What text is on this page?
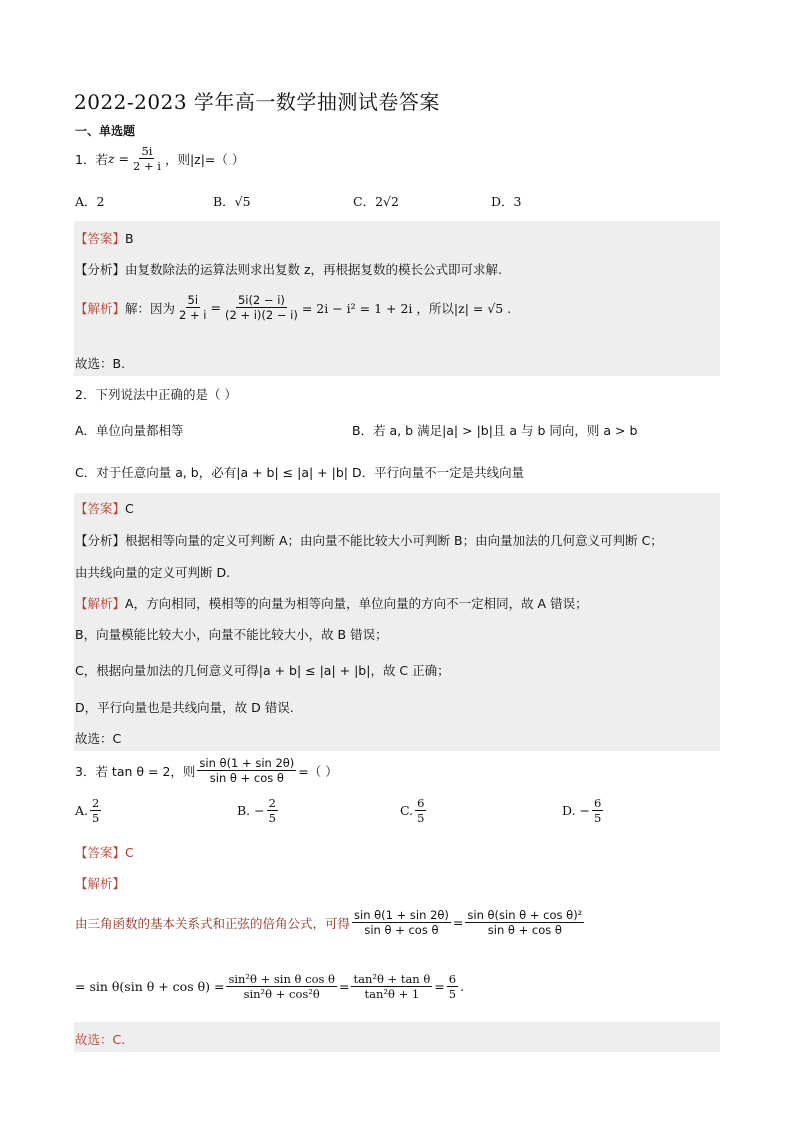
2022-2023 学年高一数学抽测试卷答案
一、单选题
1．若 $z = \frac{5i}{2 + i}$ ，则|z|=（ ）
A．2	B．√5	C．2√2	D．3
【答案】B
【分析】由复数除法的运算法则求出复数 z，再根据复数的模长公式即可求解.
【解析】 解：因为 $\frac{5i}{2 + i} = \frac{5i(2 - i)}{(2 + i)(2 - i)} = 2i - i^2 = 1 + 2i$ ，所以|z| = √5 .
故选：B.
2．下列说法中正确的是（ ）
A．单位向量都相等	B．若 a, b 满足|a| > |b|且 a 与 b 同向，则 a > b
C．对于任意向量 a, b，必有|a + b| ≤ |a| + |b| D．平行向量不一定是共线向量
【答案】C
【分析】根据相等向量的定义可判断 A；由向量不能比较大小可判断 B；由向量加法的几何意义可判断 C；
由共线向量的定义可判断 D.
【解析】A，方向相同，模相等的向量为相等向量，单位向量的方向不一定相同，故 A 错误；
B，向量模能比较大小，向量不能比较大小，故 B 错误；
C，根据向量加法的几何意义可得|a + b| ≤ |a| + |b|，故 C 正确；
D，平行向量也是共线向量，故 D 错误.
故选：C
3．若 tan θ = 2，则 $\frac{\text{sin θ(1 + sin 2θ)}}{\text{sin θ + cos θ}}$ =（ ）
A. $\frac{2}{5}$	B. − $\frac{2}{5}$	C. $\frac{6}{5}$	D. − $\frac{6}{5}$
【答案】C
【解析】
由三角函数的基本关系式和正弦的倍角公式，可得 $\frac{\text{sin θ(1 + sin 2θ)}}{\text{sin θ + cos θ}} = \frac{\text{sin θ(sin θ + cos θ)²}}{\text{sin θ + cos θ}}$
= sin θ(sin $\theta + \cos \theta) = \frac{\text{sin²θ + sin θ cos θ}}{\text{sin²θ + cos²θ}} = \frac{\text{tan²θ + tan θ}}{\text{tan²θ + 1}} = \frac{6}{5}$ .
故选：C.
